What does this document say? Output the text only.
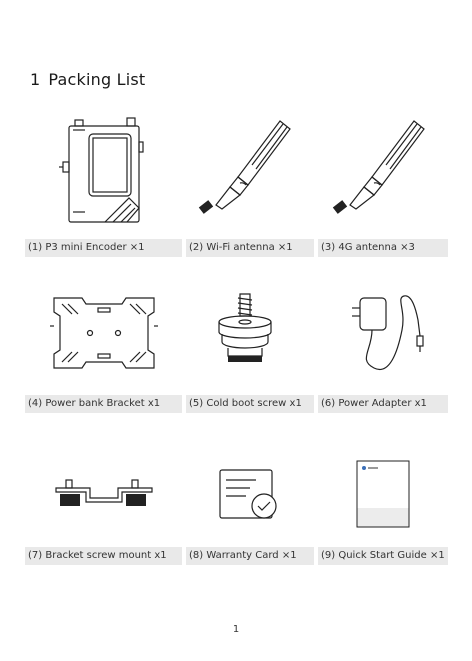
1 Packing List
(1) P3 mini Encoder ×1	(2) Wi-Fi antenna ×1	(3) 4G antenna ×3
(4) Power bank Bracket x1	(5) Cold boot screw x1	(6) Power Adapter x1
(7) Bracket screw mount x1	(8) Warranty Card ×1	(9) Quick Start Guide ×1
1
